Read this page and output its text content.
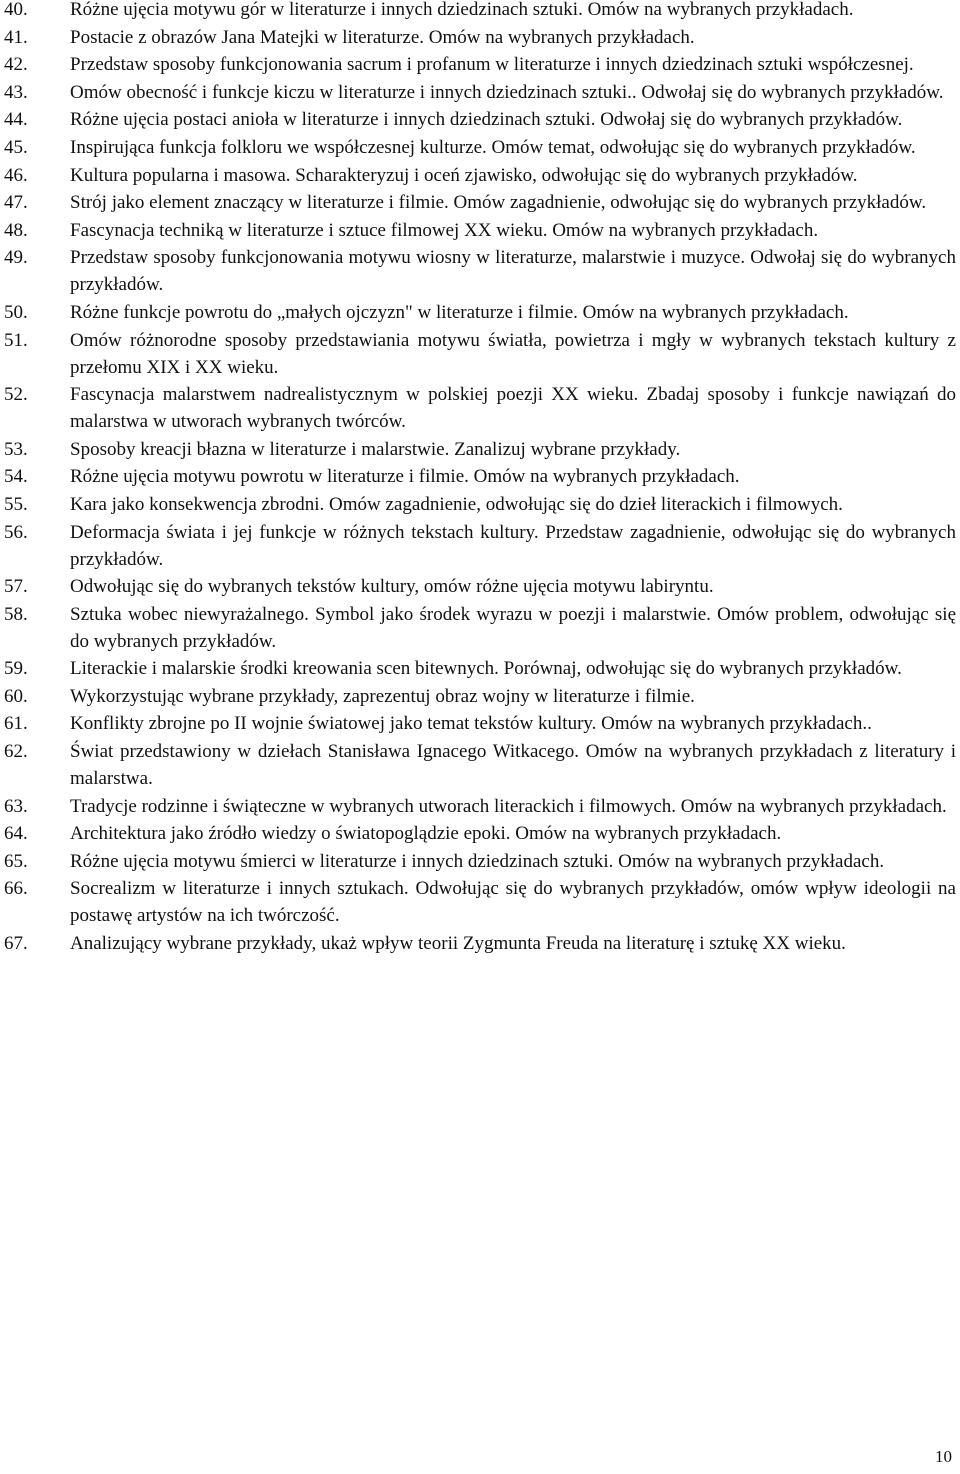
40.	Różne ujęcia motywu gór w literaturze i innych dziedzinach sztuki. Omów na wybranych przykładach.
41.	Postacie z obrazów Jana Matejki w literaturze. Omów na wybranych przykładach.
42.	Przedstaw sposoby funkcjonowania sacrum i profanum w literaturze i innych dziedzinach sztuki współczesnej.
43.	Omów obecność i funkcje kiczu w literaturze i innych dziedzinach sztuki.. Odwołaj się do wybranych przykładów.
44.	Różne ujęcia postaci anioła w literaturze i innych dziedzinach sztuki. Odwołaj się do wybranych przykładów.
45.	Inspirująca funkcja folkloru we współczesnej kulturze. Omów temat, odwołując się do wybranych przykładów.
46.	Kultura popularna i masowa. Scharakteryzuj i oceń zjawisko, odwołując się do wybranych przykładów.
47.	Strój jako element znaczący w literaturze i filmie. Omów zagadnienie, odwołując się do wybranych przykładów.
48.	Fascynacja techniką w literaturze i sztuce filmowej XX wieku. Omów na wybranych przykładach.
49.	Przedstaw sposoby funkcjonowania motywu wiosny w literaturze, malarstwie i muzyce. Odwołaj się do wybranych przykładów.
50.	Różne funkcje powrotu do „małych ojczyzn" w literaturze i filmie. Omów na wybranych przykładach.
51.	Omów różnorodne sposoby przedstawiania motywu światła, powietrza i mgły w wybranych tekstach kultury z przełomu XIX i XX wieku.
52.	Fascynacja malarstwem nadrealistycznym w polskiej poezji XX wieku. Zbadaj sposoby i funkcje nawiązań do malarstwa w utworach wybranych twórców.
53.	Sposoby kreacji błazna w literaturze i malarstwie. Zanalizuj wybrane przykłady.
54.	Różne ujęcia motywu powrotu w literaturze i filmie. Omów na wybranych przykładach.
55.	Kara jako konsekwencja zbrodni. Omów zagadnienie, odwołując się do dzieł literackich i filmowych.
56.	Deformacja świata i jej funkcje w różnych tekstach kultury. Przedstaw zagadnienie, odwołując się do wybranych przykładów.
57.	Odwołując się do wybranych tekstów kultury, omów różne ujęcia motywu labiryntu.
58.	Sztuka wobec niewyrażalnego. Symbol jako środek wyrazu w poezji i malarstwie. Omów problem, odwołując się do wybranych przykładów.
59.	Literackie i malarskie środki kreowania scen bitewnych. Porównaj, odwołując się do wybranych przykładów.
60.	Wykorzystując wybrane przykłady, zaprezentuj obraz wojny w literaturze i filmie.
61.	Konflikty zbrojne po II wojnie światowej jako temat tekstów kultury. Omów na wybranych przykładach..
62.	Świat przedstawiony w dziełach Stanisława Ignacego Witkacego. Omów na wybranych przykładach z literatury i malarstwa.
63.	Tradycje rodzinne i świąteczne w wybranych utworach literackich i filmowych. Omów na wybranych przykładach.
64.	Architektura jako źródło wiedzy o światopoglądzie epoki. Omów na wybranych przykładach.
65.	Różne ujęcia motywu śmierci w literaturze i innych dziedzinach sztuki. Omów na wybranych przykładach.
66.	Socrealizm w literaturze i innych sztukach. Odwołując się do wybranych przykładów, omów wpływ ideologii na postawę artystów na ich twórczość.
67.	Analizujący wybrane przykłady, ukaż wpływ teorii Zygmunta Freuda na literaturę i sztukę XX wieku.
10
